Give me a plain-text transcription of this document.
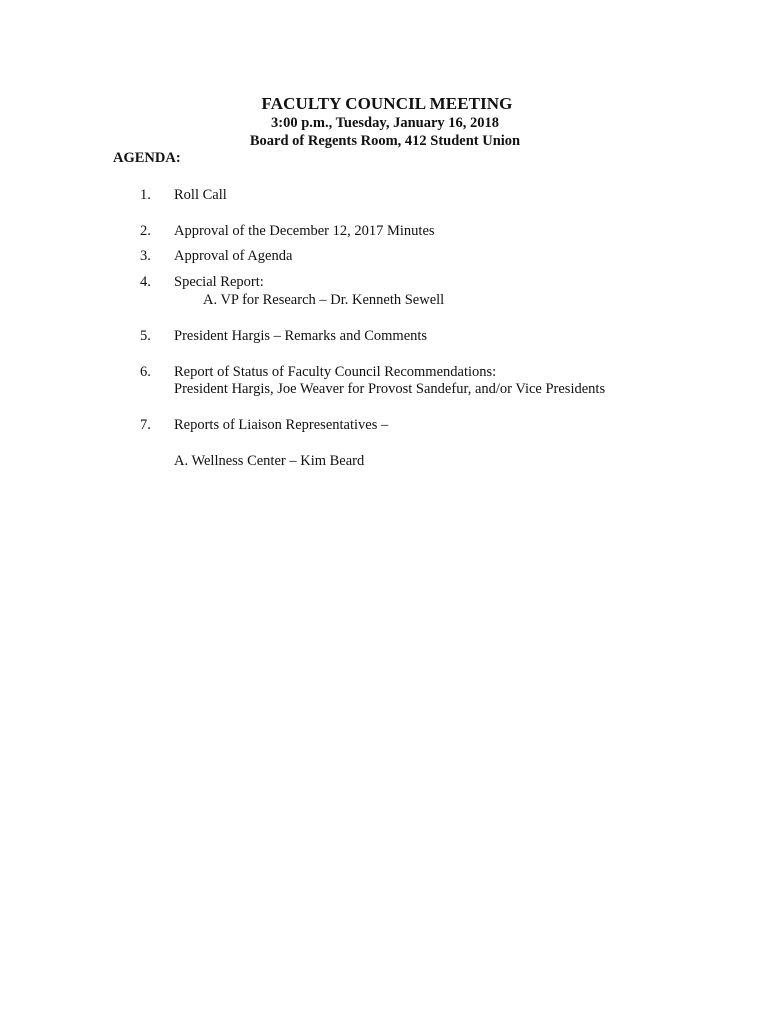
FACULTY COUNCIL MEETING
3:00 p.m., Tuesday, January 16, 2018
Board of Regents Room, 412 Student Union
AGENDA:
1. Roll Call
2. Approval of the December 12, 2017 Minutes
3. Approval of Agenda
4. Special Report:
A. VP for Research – Dr. Kenneth Sewell
5. President Hargis – Remarks and Comments
6. Report of Status of Faculty Council Recommendations:
President Hargis, Joe Weaver for Provost Sandefur, and/or Vice Presidents
7. Reports of Liaison Representatives –
A. Wellness Center – Kim Beard
